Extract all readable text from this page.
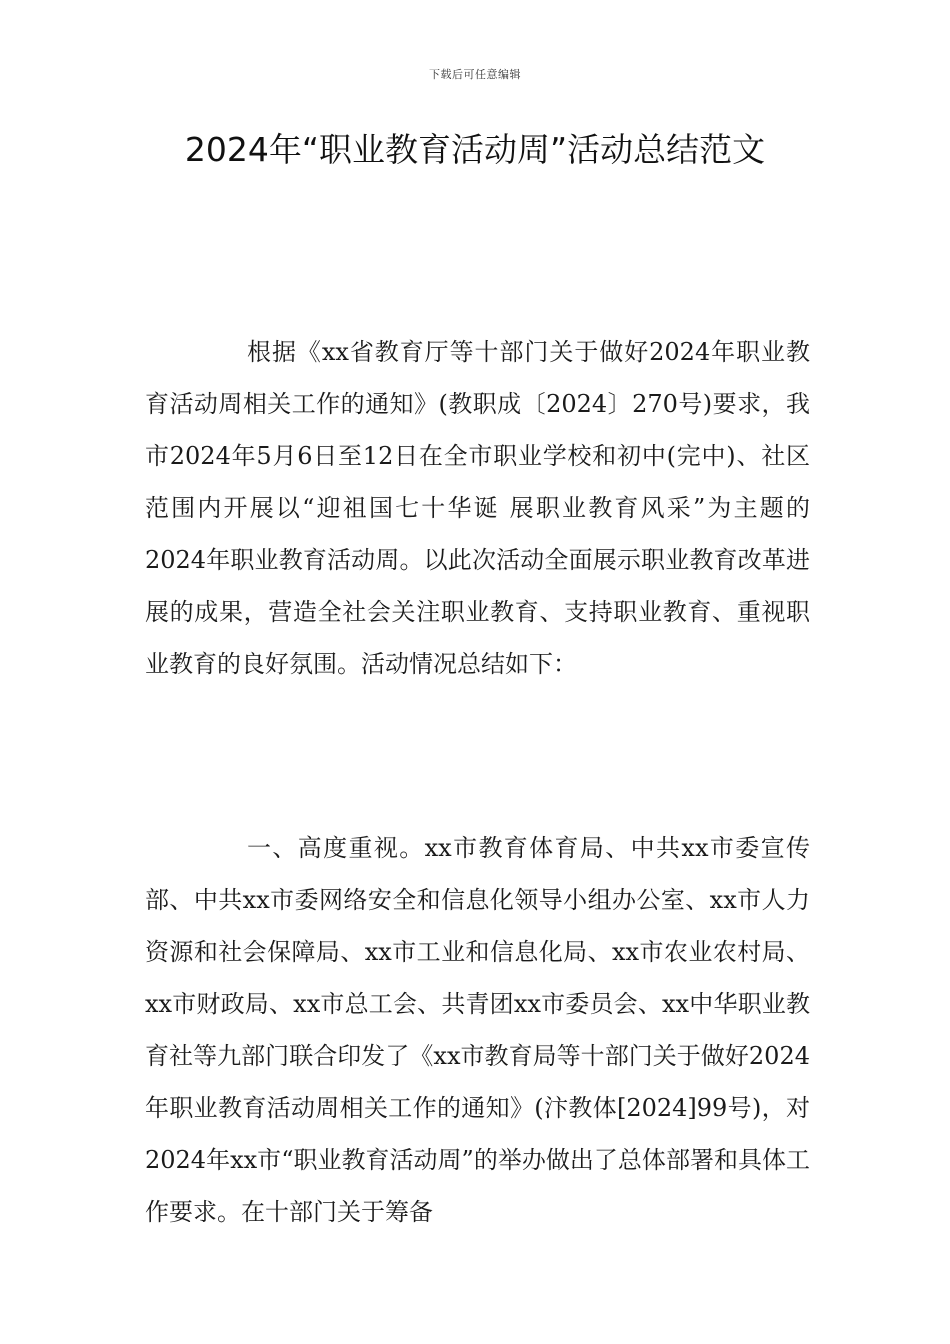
下载后可任意编辑
2024年“职业教育活动周”活动总结范文

根据《xx省教育厅等十部门关于做好2024年职业教育活动周相关工作的通知》(教职成〔2024〕270号)要求，我市2024年5月6日至12日在全市职业学校和初中(完中)、社区范围内开展以“迎祖国七十华诞 展职业教育风采”为主题的2024年职业教育活动周。以此次活动全面展示职业教育改革进展的成果，营造全社会关注职业教育、支持职业教育、重视职业教育的良好氛围。活动情况总结如下：

一、高度重视。xx市教育体育局、中共xx市委宣传部、中共xx市委网络安全和信息化领导小组办公室、xx市人力资源和社会保障局、xx市工业和信息化局、xx市农业农村局、xx市财政局、xx市总工会、共青团xx市委员会、xx中华职业教育社等九部门联合印发了《xx市教育局等十部门关于做好2024年职业教育活动周相关工作的通知》(汴教体[2024]99号)，对2024年xx市“职业教育活动周”的举办做出了总体部署和具体工作要求。在十部门关于筹备
